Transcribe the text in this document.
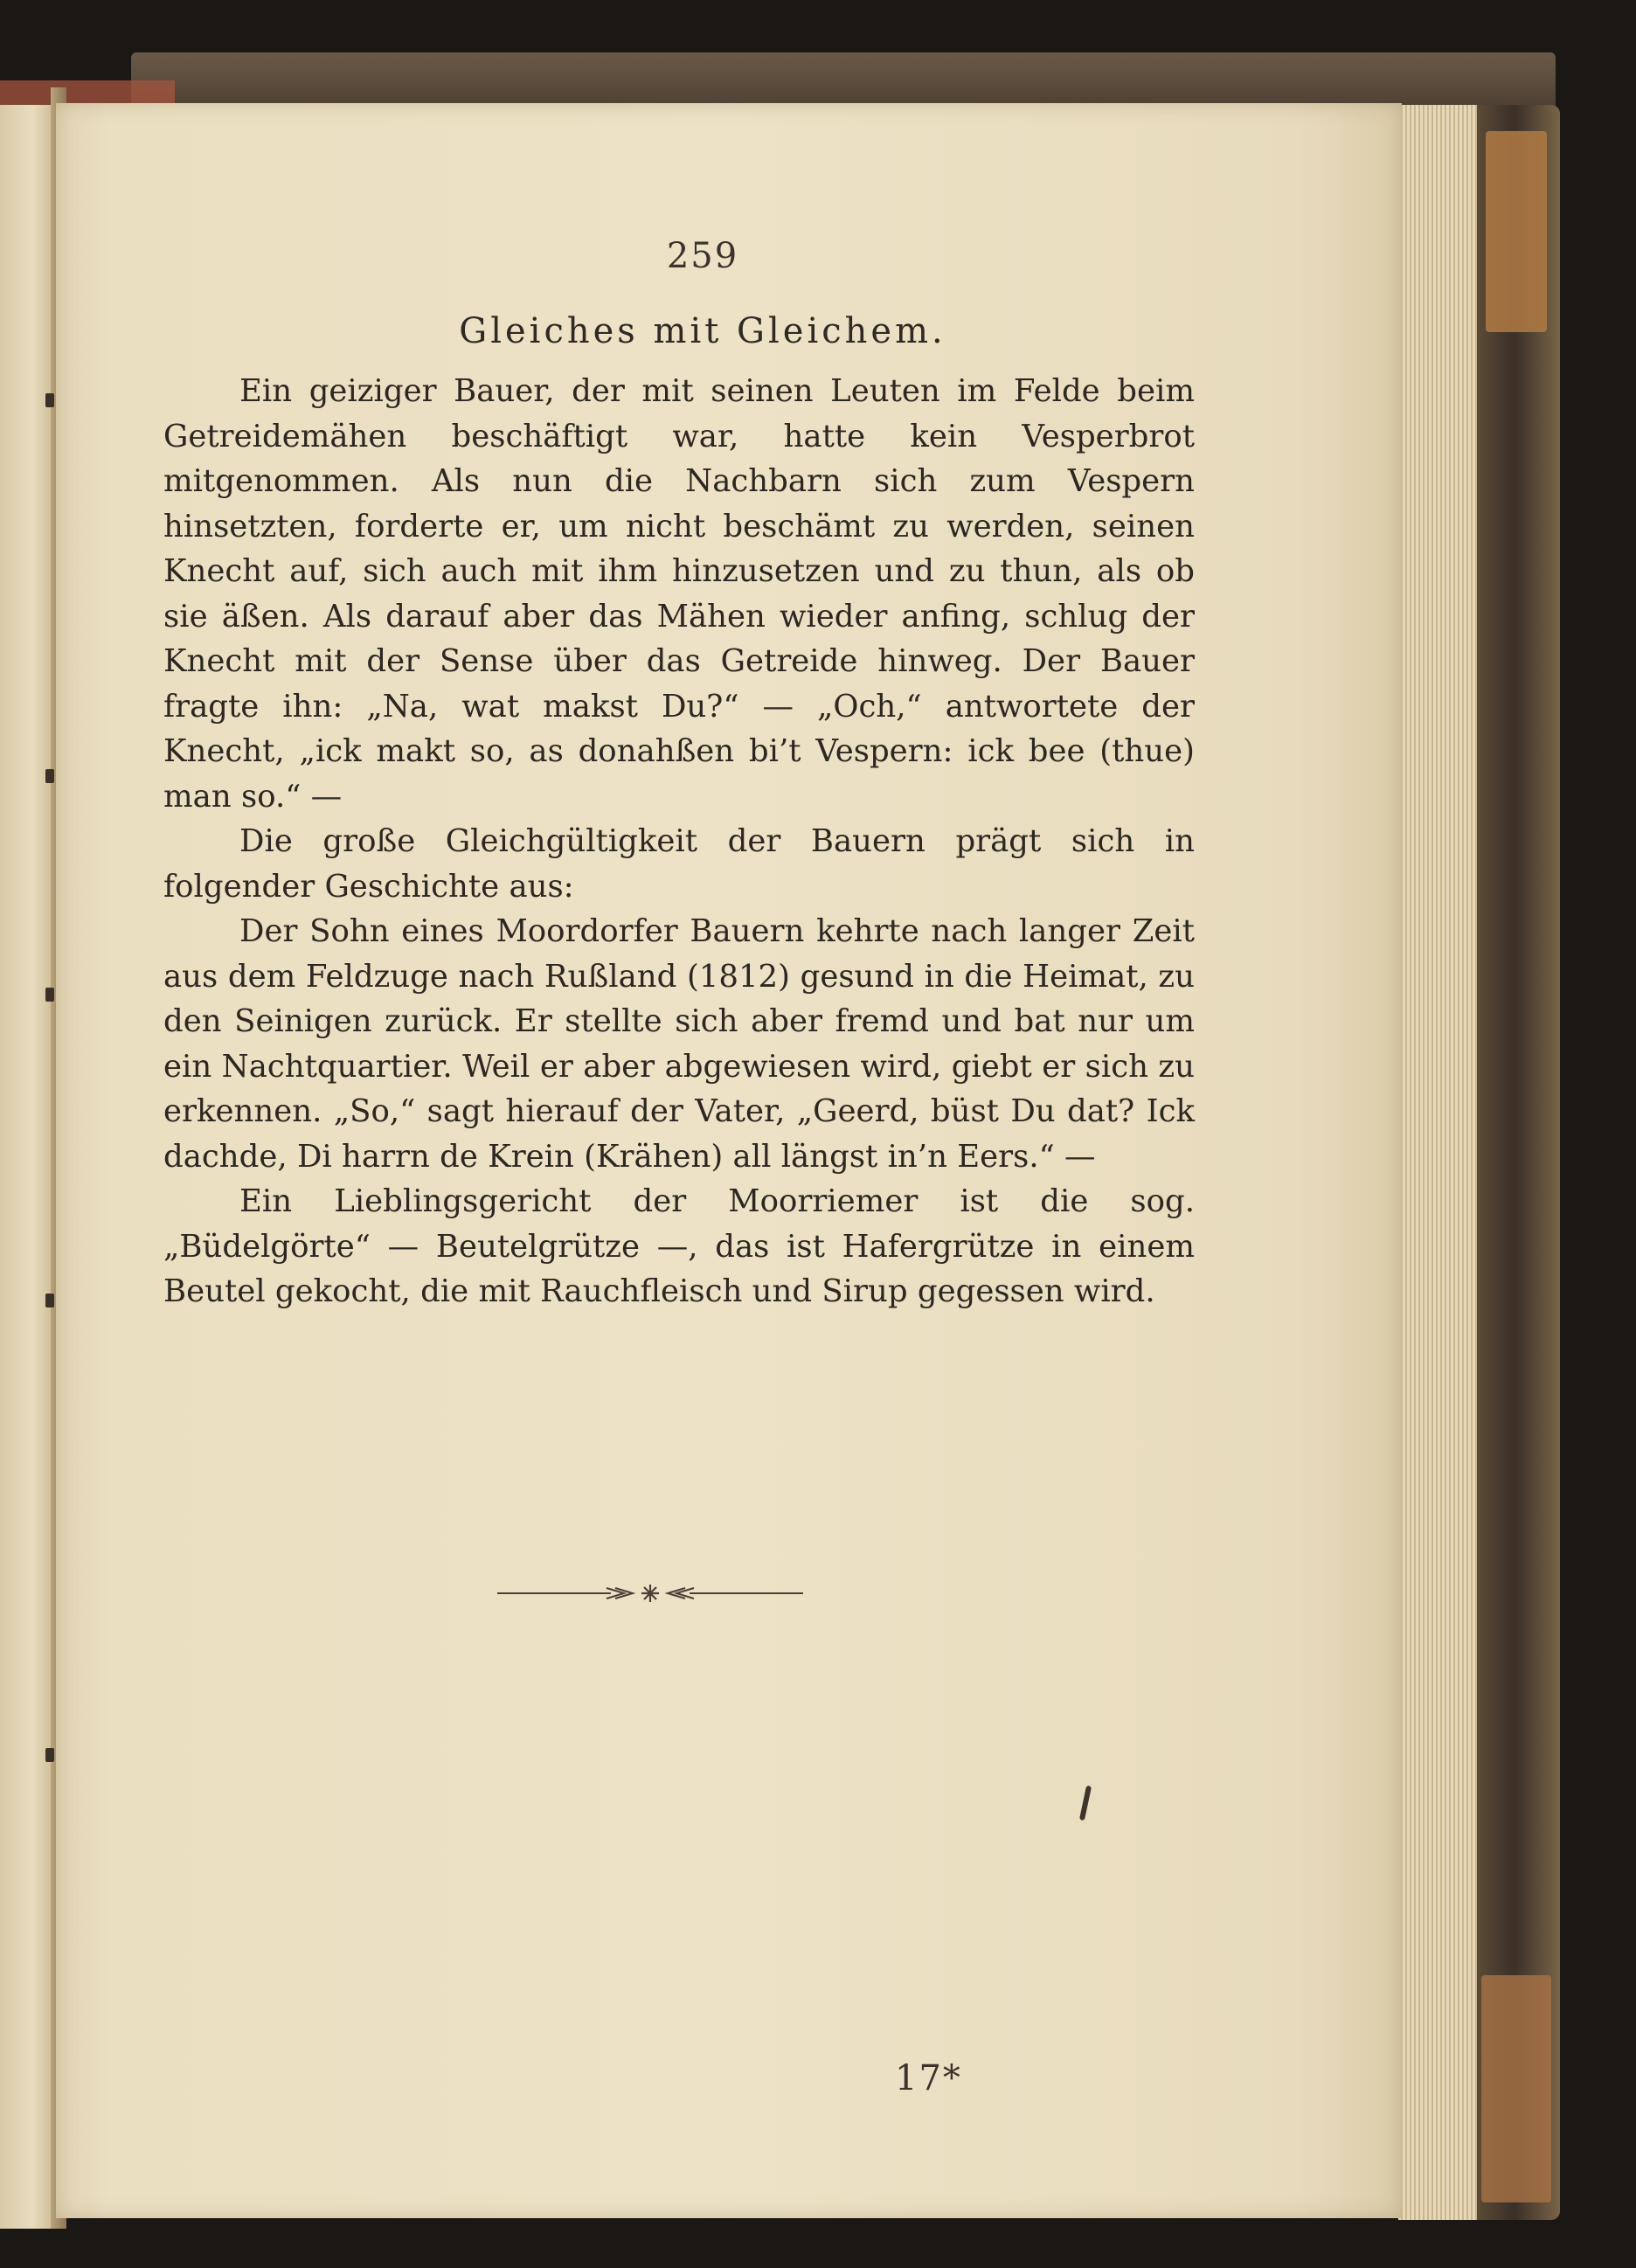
259
Gleiches mit Gleichem.

Ein geiziger Bauer, der mit seinen Leuten im Felde beim Getreidemähen beschäftigt war, hatte kein Vesperbrot mitgenommen. Als nun die Nachbarn sich zum Vespern hinsetzten, forderte er, um nicht beschämt zu werden, seinen Knecht auf, sich auch mit ihm hinzusetzen und zu thun, als ob sie äßen. Als darauf aber das Mähen wieder anfing, schlug der Knecht mit der Sense über das Getreide hinweg. Der Bauer fragte ihn: „Na, wat makst Du?“ — „Och,“ antwortete der Knecht, „ick makt so, as donahßen bi’t Vespern: ick bee (thue) man so.“ —

Die große Gleichgültigkeit der Bauern prägt sich in folgender Geschichte aus:

Der Sohn eines Moordorfer Bauern kehrte nach langer Zeit aus dem Feldzuge nach Rußland (1812) gesund in die Heimat, zu den Seinigen zurück. Er stellte sich aber fremd und bat nur um ein Nachtquartier. Weil er aber abgewiesen wird, giebt er sich zu erkennen. „So,“ sagt hierauf der Vater, „Geerd, büst Du dat? Ick dachde, Di harrn de Krein (Krähen) all längst in’n Eers.“ —

Ein Lieblingsgericht der Moorriemer ist die sog. „Büdelgörte“ — Beutelgrütze —, das ist Hafergrütze in einem Beutel gekocht, die mit Rauchfleisch und Sirup gegessen wird.

17*
